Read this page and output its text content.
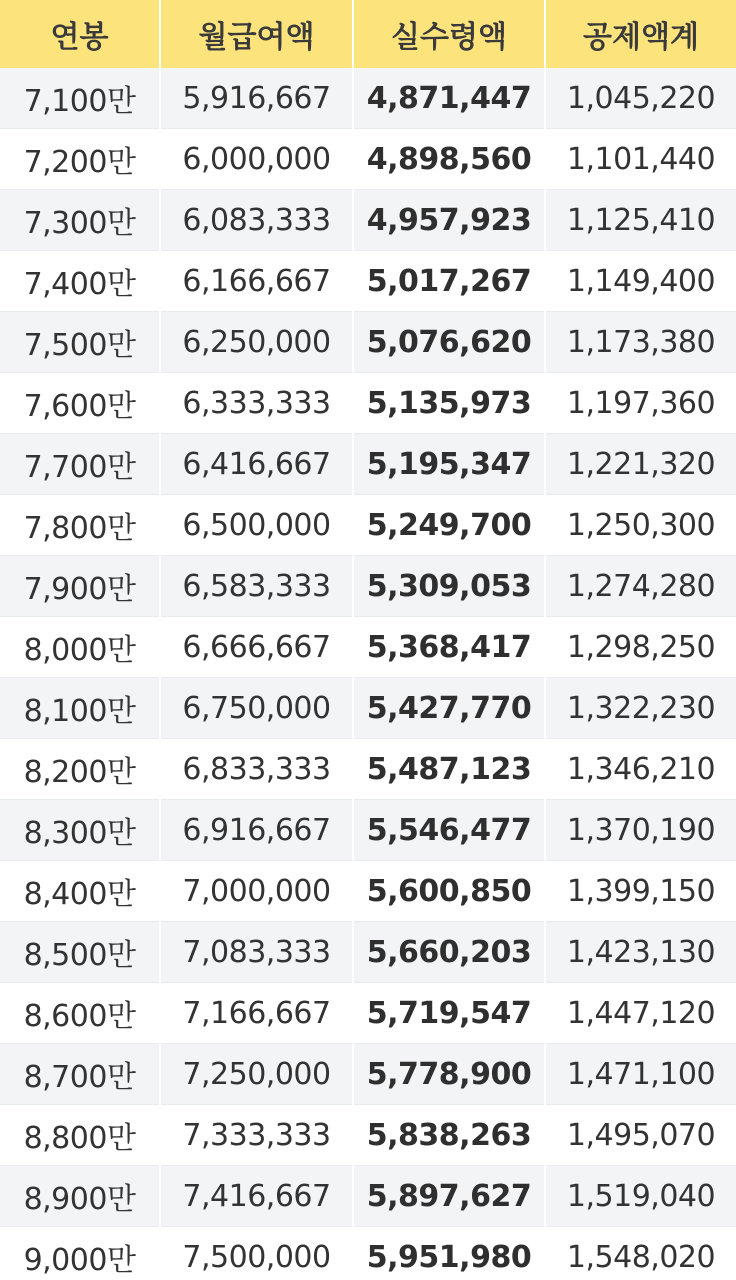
연봉	월급여액	실수령액	공제액계
7,100만	5,916,667	4,871,447	1,045,220
7,200만	6,000,000	4,898,560	1,101,440
7,300만	6,083,333	4,957,923	1,125,410
7,400만	6,166,667	5,017,267	1,149,400
7,500만	6,250,000	5,076,620	1,173,380
7,600만	6,333,333	5,135,973	1,197,360
7,700만	6,416,667	5,195,347	1,221,320
7,800만	6,500,000	5,249,700	1,250,300
7,900만	6,583,333	5,309,053	1,274,280
8,000만	6,666,667	5,368,417	1,298,250
8,100만	6,750,000	5,427,770	1,322,230
8,200만	6,833,333	5,487,123	1,346,210
8,300만	6,916,667	5,546,477	1,370,190
8,400만	7,000,000	5,600,850	1,399,150
8,500만	7,083,333	5,660,203	1,423,130
8,600만	7,166,667	5,719,547	1,447,120
8,700만	7,250,000	5,778,900	1,471,100
8,800만	7,333,333	5,838,263	1,495,070
8,900만	7,416,667	5,897,627	1,519,040
9,000만	7,500,000	5,951,980	1,548,020
